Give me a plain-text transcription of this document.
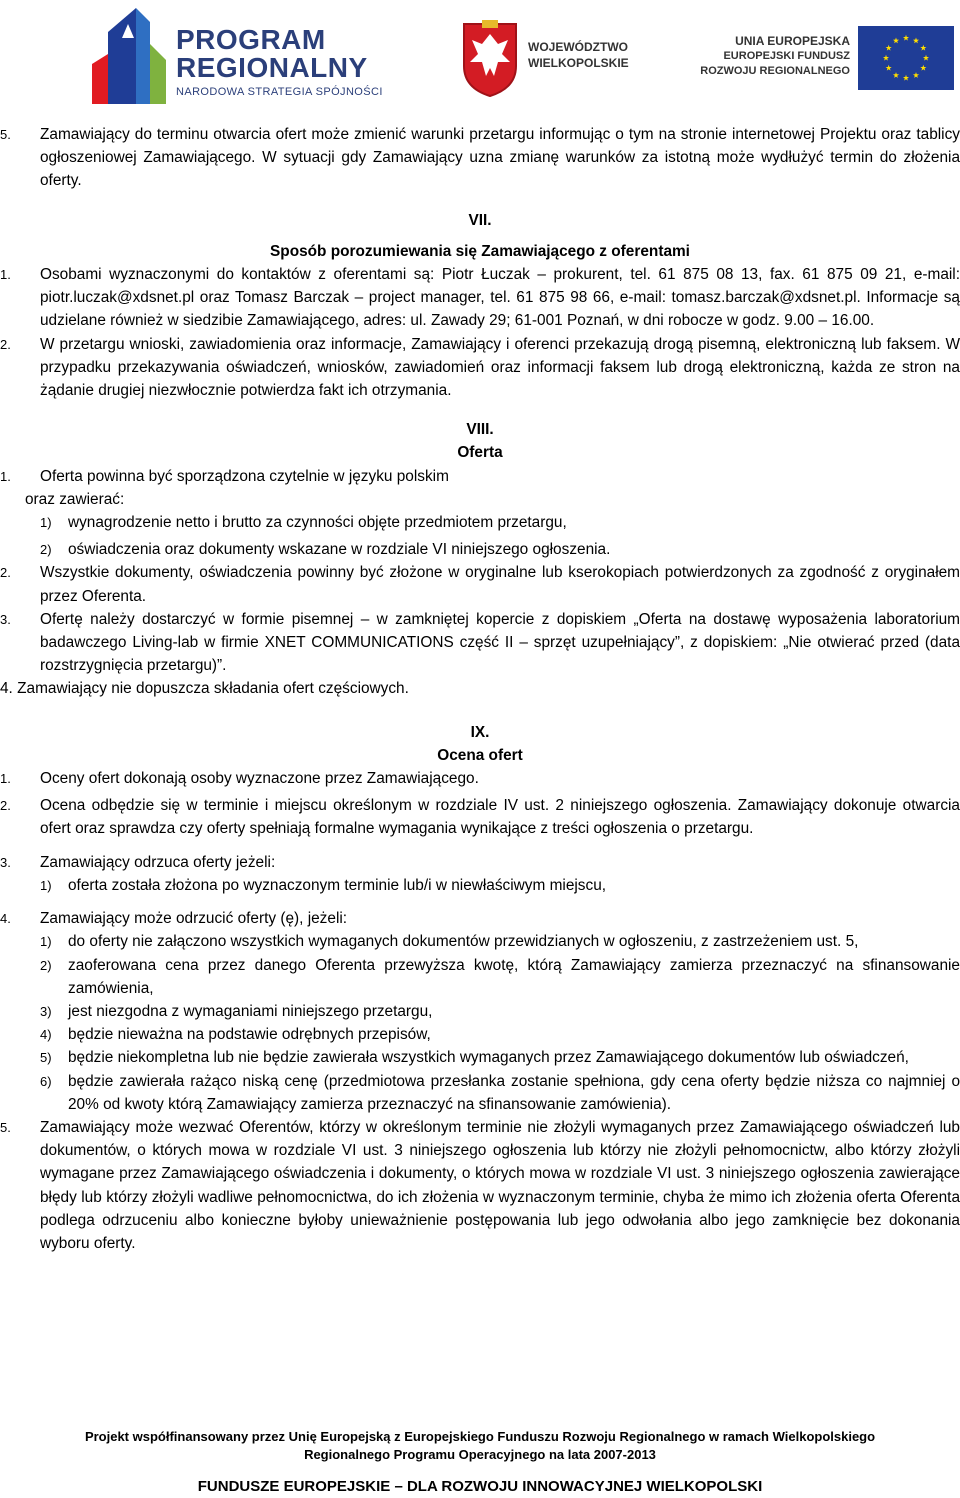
PROGRAM
REGIONALNY
NARODOWA STRATEGIA SPÓJNOŚCI
WOJEWÓDZTWO
WIELKOPOLSKIE
UNIA EUROPEJSKA
EUROPEJSKI FUNDUSZ
ROZWOJU REGIONALNEGO
5. Zamawiający do terminu otwarcia ofert może zmienić warunki przetargu informując o tym na stronie internetowej Projektu oraz tablicy ogłoszeniowej Zamawiającego. W sytuacji gdy Zamawiający uzna zmianę warunków za istotną może wydłużyć termin do złożenia oferty.
VII.
Sposób porozumiewania się Zamawiającego z oferentami
1. Osobami wyznaczonymi do kontaktów z oferentami są: Piotr Łuczak – prokurent, tel. 61 875 08 13, fax. 61 875 09 21, e-mail: piotr.luczak@xdsnet.pl oraz Tomasz Barczak – project manager, tel. 61 875 98 66, e-mail: tomasz.barczak@xdsnet.pl. Informacje są udzielane również w siedzibie Zamawiającego, adres: ul. Zawady 29; 61-001 Poznań, w dni robocze w godz. 9.00 – 16.00.
2. W przetargu wnioski, zawiadomienia oraz informacje, Zamawiający i oferenci przekazują drogą pisemną, elektroniczną lub faksem. W przypadku przekazywania oświadczeń, wniosków, zawiadomień oraz informacji faksem lub drogą elektroniczną, każda ze stron na żądanie drugiej niezwłocznie potwierdza fakt ich otrzymania.
VIII.
Oferta
1. Oferta powinna być sporządzona czytelnie w języku polskim
oraz zawierać:
1) wynagrodzenie netto i brutto za czynności objęte przedmiotem przetargu,
2) oświadczenia oraz dokumenty wskazane w rozdziale VI niniejszego ogłoszenia.
2. Wszystkie dokumenty, oświadczenia powinny być złożone w oryginalne lub kserokopiach potwierdzonych za zgodność z oryginałem przez Oferenta.
3. Ofertę należy dostarczyć w formie pisemnej – w zamkniętej kopercie z dopiskiem „Oferta na dostawę wyposażenia laboratorium badawczego Living-lab w firmie XNET COMMUNICATIONS część II – sprzęt uzupełniający”, z dopiskiem: „Nie otwierać przed (data rozstrzygnięcia przetargu)”.
4. Zamawiający nie dopuszcza składania ofert częściowych.
IX.
Ocena ofert
1. Oceny ofert dokonają osoby wyznaczone przez Zamawiającego.
2. Ocena odbędzie się w terminie i miejscu określonym w rozdziale IV ust. 2 niniejszego ogłoszenia. Zamawiający dokonuje otwarcia ofert oraz sprawdza czy oferty spełniają formalne wymagania wynikające z treści ogłoszenia o przetargu.
3. Zamawiający odrzuca oferty jeżeli:
1) oferta została złożona po wyznaczonym terminie lub/i w niewłaściwym miejscu,
4. Zamawiający może odrzucić oferty (ę), jeżeli:
1) do oferty nie załączono wszystkich wymaganych dokumentów przewidzianych w ogłoszeniu, z zastrzeżeniem ust. 5,
2) zaoferowana cena przez danego Oferenta przewyższa kwotę, którą Zamawiający zamierza przeznaczyć na sfinansowanie zamówienia,
3) jest niezgodna z wymaganiami niniejszego przetargu,
4) będzie nieważna na podstawie odrębnych przepisów,
5) będzie niekompletna lub nie będzie zawierała wszystkich wymaganych przez Zamawiającego dokumentów lub oświadczeń,
6) będzie zawierała rażąco niską cenę (przedmiotowa przesłanka zostanie spełniona, gdy cena oferty będzie niższa co najmniej o 20% od kwoty którą Zamawiający zamierza przeznaczyć na sfinansowanie zamówienia).
5. Zamawiający może wezwać Oferentów, którzy w określonym terminie nie złożyli wymaganych przez Zamawiającego oświadczeń lub dokumentów, o których mowa w rozdziale VI ust. 3 niniejszego ogłoszenia lub którzy nie złożyli pełnomocnictw, albo którzy złożyli wymagane przez Zamawiającego oświadczenia i dokumenty, o których mowa w rozdziale VI ust. 3 niniejszego ogłoszenia zawierające błędy lub którzy złożyli wadliwe pełnomocnictwa, do ich złożenia w wyznaczonym terminie, chyba że mimo ich złożenia oferta Oferenta podlega odrzuceniu albo konieczne byłoby unieważnienie postępowania lub jego odwołania albo jego zamknięcie bez dokonania wyboru oferty.
Projekt współfinansowany przez Unię Europejską z Europejskiego Funduszu Rozwoju Regionalnego w ramach Wielkopolskiego
Regionalnego Programu Operacyjnego na lata 2007-2013
FUNDUSZE EUROPEJSKIE – DLA ROZWOJU INNOWACYJNEJ WIELKOPOLSKI
